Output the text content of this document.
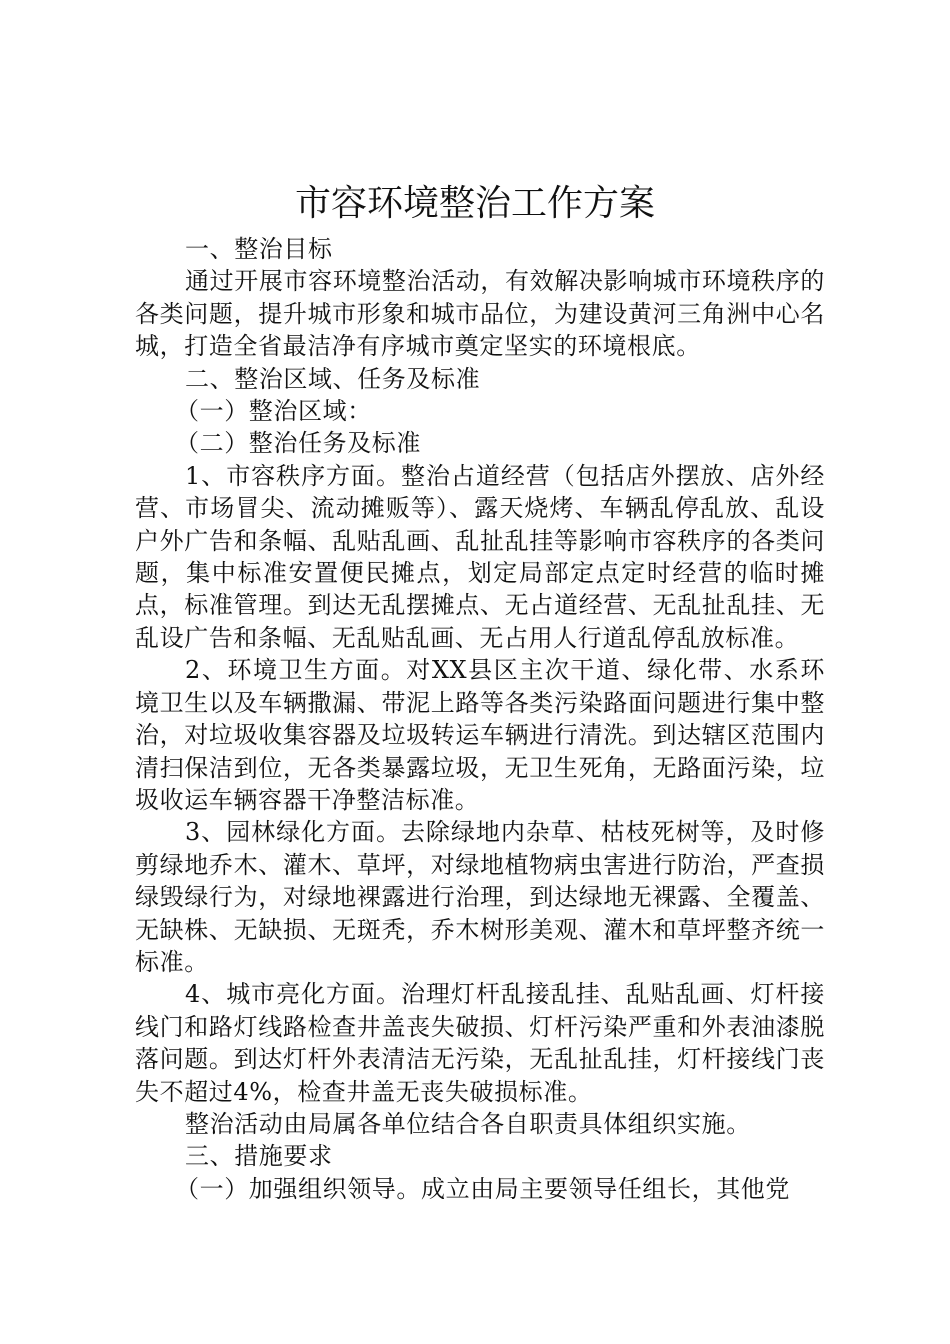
市容环境整治工作方案

一、整治目标

通过开展市容环境整治活动，有效解决影响城市环境秩序的各类问题，提升城市形象和城市品位，为建设黄河三角洲中心名城，打造全省最洁净有序城市奠定坚实的环境根底。

二、整治区域、任务及标准

（一）整治区域：

（二）整治任务及标准

1、市容秩序方面。整治占道经营（包括店外摆放、店外经营、市场冒尖、流动摊贩等）、露天烧烤、车辆乱停乱放、乱设户外广告和条幅、乱贴乱画、乱扯乱挂等影响市容秩序的各类问题，集中标准安置便民摊点，划定局部定点定时经营的临时摊点，标准管理。到达无乱摆摊点、无占道经营、无乱扯乱挂、无乱设广告和条幅、无乱贴乱画、无占用人行道乱停乱放标准。

2、环境卫生方面。对XX县区主次干道、绿化带、水系环境卫生以及车辆撒漏、带泥上路等各类污染路面问题进行集中整治，对垃圾收集容器及垃圾转运车辆进行清洗。到达辖区范围内清扫保洁到位，无各类暴露垃圾，无卫生死角，无路面污染，垃圾收运车辆容器干净整洁标准。

3、园林绿化方面。去除绿地内杂草、枯枝死树等，及时修剪绿地乔木、灌木、草坪，对绿地植物病虫害进行防治，严查损绿毁绿行为，对绿地裸露进行治理，到达绿地无裸露、全覆盖、无缺株、无缺损、无斑秃，乔木树形美观、灌木和草坪整齐统一标准。

4、城市亮化方面。治理灯杆乱接乱挂、乱贴乱画、灯杆接线门和路灯线路检查井盖丧失破损、灯杆污染严重和外表油漆脱落问题。到达灯杆外表清洁无污染，无乱扯乱挂，灯杆接线门丧失不超过4%，检查井盖无丧失破损标准。

整治活动由局属各单位结合各自职责具体组织实施。

三、措施要求

（一）加强组织领导。成立由局主要领导任组长，其他党
